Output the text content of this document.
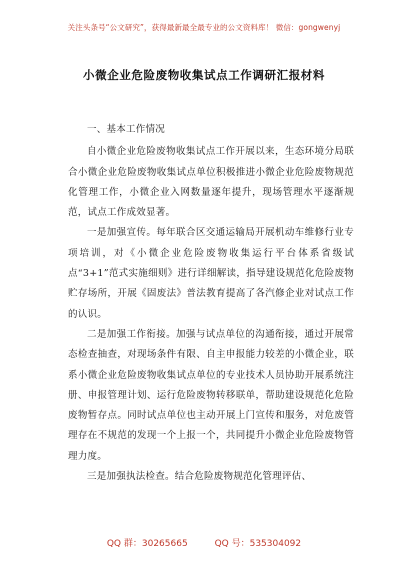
关注头条号“公文研究”，获得最新最全最专业的公文资料库！ 微信：gongwenyj
小微企业危险废物收集试点工作调研汇报材料

一、基本工作情况

自小微企业危险废物收集试点工作开展以来，生态环境分局联合小微企业危险废物收集试点单位积极推进小微企业危险废物规范化管理工作，小微企业入网数量逐年提升，现场管理水平逐渐规范，试点工作成效显著。

一是加强宣传。每年联合区交通运输局开展机动车维修行业专项培训，对《小微企业危险废物收集运行平台体系省级试点“3+1”范式实施细则》进行详细解读，指导建设规范化危险废物贮存场所，开展《固废法》普法教育提高了各汽修企业对试点工作的认识。

二是加强工作衔接。加强与试点单位的沟通衔接，通过开展常态检查抽查，对现场条件有限、自主申报能力较差的小微企业，联系小微企业危险废物收集试点单位的专业技术人员协助开展系统注册、申报管理计划、运行危险废物转移联单，帮助建设规范化危险废物暂存点。同时试点单位也主动开展上门宣传和服务，对危废管理存在不规范的发现一个上报一个，共同提升小微企业危险废物管理力度。

三是加强执法检查。结合危险废物规范化管理评估、

QQ 群：30265665	QQ 号：535304092
